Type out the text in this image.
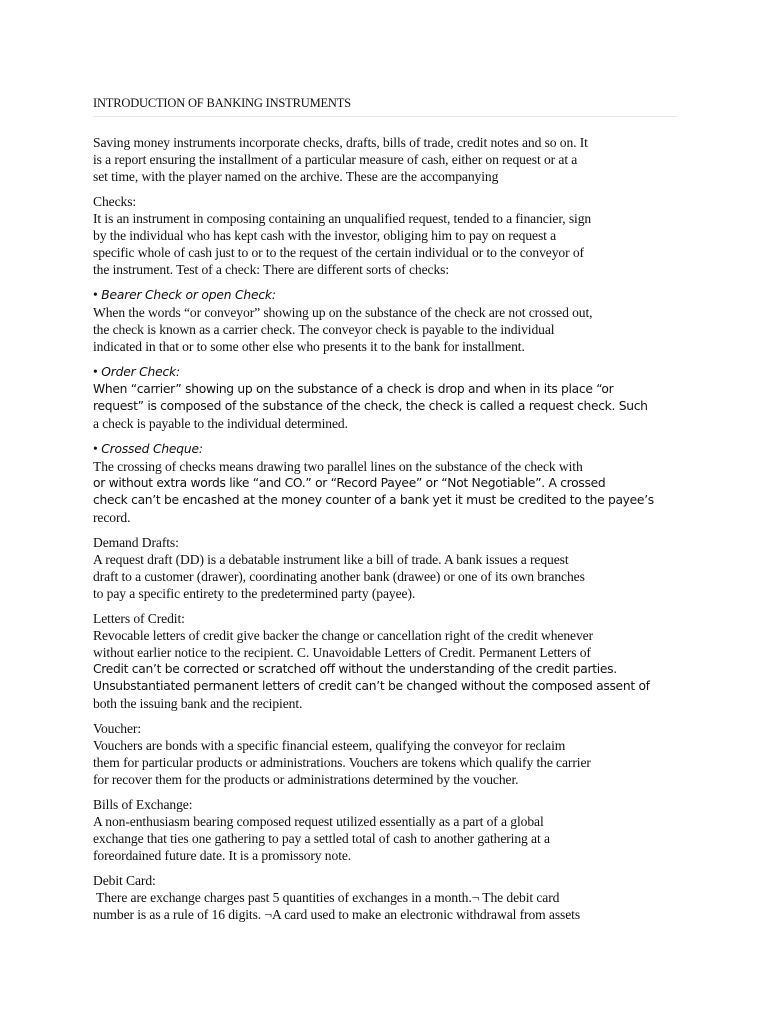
INTRODUCTION OF BANKING INSTRUMENTS
Saving money instruments incorporate checks, drafts, bills of trade, credit notes and so on. It
is a report ensuring the installment of a particular measure of cash, either on request or at a
set time, with the player named on the archive. These are the accompanying
Checks:
It is an instrument in composing containing an unqualified request, tended to a financier, sign
by the individual who has kept cash with the investor, obliging him to pay on request a
specific whole of cash just to or to the request of the certain individual or to the conveyor of
the instrument. Test of a check: There are different sorts of checks:
• Bearer Check or open Check:
When the words “or conveyor” showing up on the substance of the check are not crossed out,
the check is known as a carrier check. The conveyor check is payable to the individual
indicated in that or to some other else who presents it to the bank for installment.
• Order Check:
When “carrier” showing up on the substance of a check is drop and when in its place “or
request” is composed of the substance of the check, the check is called a request check. Such
a check is payable to the individual determined.
• Crossed Cheque:
The crossing of checks means drawing two parallel lines on the substance of the check with
or without extra words like “and CO.” or “Record Payee” or “Not Negotiable”. A crossed
check can’t be encashed at the money counter of a bank yet it must be credited to the payee’s
record.
Demand Drafts:
A request draft (DD) is a debatable instrument like a bill of trade. A bank issues a request
draft to a customer (drawer), coordinating another bank (drawee) or one of its own branches
to pay a specific entirety to the predetermined party (payee).
Letters of Credit:
Revocable letters of credit give backer the change or cancellation right of the credit whenever
without earlier notice to the recipient. C. Unavoidable Letters of Credit. Permanent Letters of
Credit can’t be corrected or scratched off without the understanding of the credit parties.
Unsubstantiated permanent letters of credit can’t be changed without the composed assent of
both the issuing bank and the recipient.
Voucher:
Vouchers are bonds with a specific financial esteem, qualifying the conveyor for reclaim
them for particular products or administrations. Vouchers are tokens which qualify the carrier
for recover them for the products or administrations determined by the voucher.
Bills of Exchange:
A non-enthusiasm bearing composed request utilized essentially as a part of a global
exchange that ties one gathering to pay a settled total of cash to another gathering at a
foreordained future date. It is a promissory note.
Debit Card:
There are exchange charges past 5 quantities of exchanges in a month.¬ The debit card
number is as a rule of 16 digits. ¬A card used to make an electronic withdrawal from assets
